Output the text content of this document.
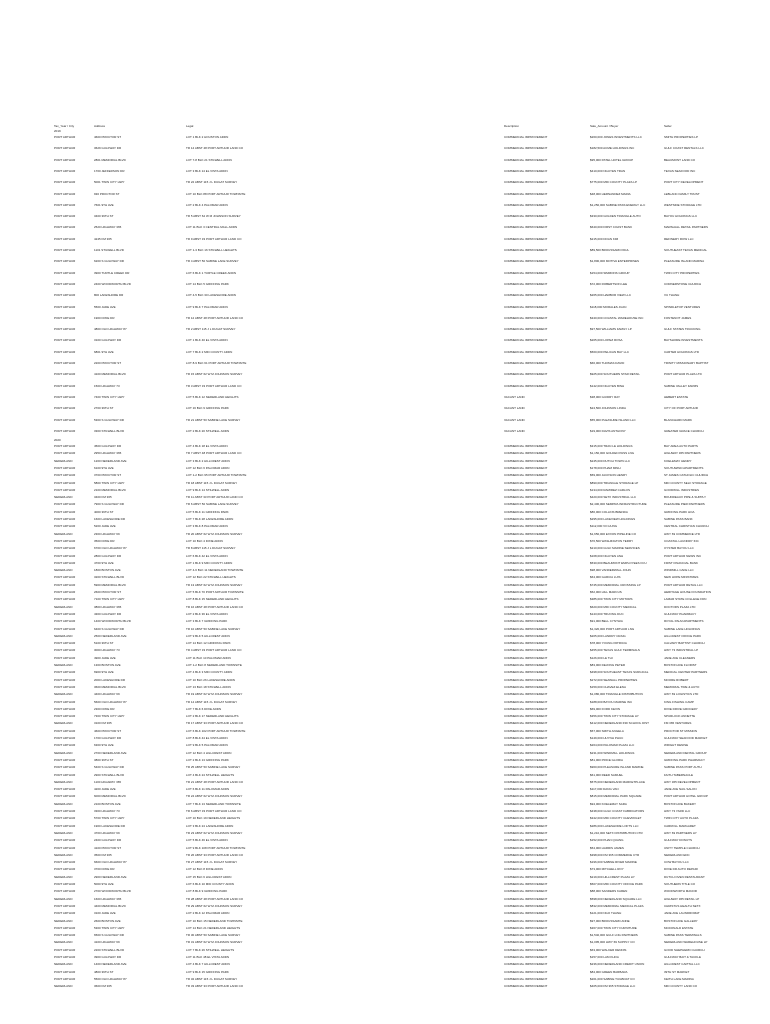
Tax_Year / City	Address	Legal	Description	Sale_Amount / Buyer	Seller
2019
PORT ARTHUR	4600 PROCTOR ST	LOT 1 BLK 2 HOUSTON ADDN	COMMERCIAL IMPROVEMENT	$260,000 JONES INVESTMENTS LLC	SMITH PROPERTIES LP
PORT ARTHUR	3629 GULFWAY DR	TR 14 ABST 48 PORT ARTHUR LAND CO	COMMERCIAL IMPROVEMENT	$182,500 ACME HOLDINGS INC	GULF COAST RENTALS LLC
PORT ARTHUR	2801 MEMORIAL BLVD	LOT 7-8 BLK 21 STILWELL ADDN	COMMERCIAL IMPROVEMENT	$95,000 PATEL HOTEL GROUP	BEAUMONT LAND CO
PORT ARTHUR	1700 JEFFERSON DR	LOT 3 BLK 14 EL VISTA ADDN	COMMERCIAL IMPROVEMENT	$410,000 NGUYEN TRAN	TEXAS SEAFOOD INC
PORT ARTHUR	5001 TWIN CITY HWY	TR 22 ABST 115 J L DUGAT SURVEY	COMMERCIAL IMPROVEMENT	$775,000 MID COUNTY PLAZA LP	PORT CITY DEVELOPMENT
PORT ARTHUR	930 PROCTOR ST	LOT 10 BLK 88 PORT ARTHUR TOWNSITE	COMMERCIAL IMPROVEMENT	$48,000 HERNANDEZ MARIA	LEBLANC FAMILY TRUST
PORT ARTHUR	7601 9TH AVE	LOT 2 BLK 4 PALOMAR ADDN	COMMERCIAL IMPROVEMENT	$1,250,000 SABINE PASS ENERGY LLC	WESTSIDE STORAGE LTD
PORT ARTHUR	3400 39TH ST	TR 5 ABST 62 W M JOHNSON SURVEY	COMMERCIAL IMPROVEMENT	$330,000 GOLDEN TRIANGLE AUTO	BAYOU HOLDINGS LLC
PORT ARTHUR	2520 HIGHWAY 365	LOT 11 BLK 3 CENTRAL MALL ADDN	COMMERCIAL IMPROVEMENT	$640,000 FIRST COAST BANK	MARSHALL RETAIL PARTNERS
PORT ARTHUR	4245 FM 365	TR 9 ABST 33 PORT ARTHUR LAND CO	COMMERCIAL IMPROVEMENT	$215,000 DOAN KIM	REFINERY ROW LLC
PORT ARTHUR	1101 STILWELL BLVD	LOT 1-3 BLK 16 STILWELL HEIGHTS	COMMERCIAL IMPROVEMENT	$89,500 BROUSSARD PAUL	SOUTHEAST TEXAS MEDICAL
PORT ARTHUR	6200 S GULFWAY DR	TR 4 ABST 50 SABINE LAKE SURVEY	COMMERCIAL IMPROVEMENT	$1,800,000 MOTIVA ENTERPRISES	PLEASURE ISLAND MARINA
PORT ARTHUR	3900 TURTLE CREEK DR	LOT 6 BLK 1 TURTLE CREEK ADDN	COMMERCIAL IMPROVEMENT	$154,000 SIMMONS GROUP	TWIN CITY PROPERTIES
PORT ARTHUR	2400 WOODWORTH BLVD	LOT 14 BLK 5 GRIFFING PARK	COMMERCIAL IMPROVEMENT	$72,000 ROBERTSON LEE	CORNERSTONE CHURCH
PORT ARTHUR	800 LAKESHORE DR	LOT 4-5 BLK 30 LAKESHORE ADDN	COMMERCIAL IMPROVEMENT	$265,000 HARBOR VIEW LLC	VU THANH
PORT ARTHUR	5500 JADE AVE	LOT 9 BLK 7 PALOMAR ADDN	COMMERCIAL IMPROVEMENT	$118,000 MORALES JUAN	SPINDLETOP VENTURES
PORT ARTHUR	1900 DIXIE DR	TR 12 ABST 48 PORT ARTHUR LAND CO	COMMERCIAL IMPROVEMENT	$340,000 COASTAL WAREHOUSE INC	FONTENOT JAMES
PORT ARTHUR	4800 OLD HIGHWAY 87	TR 2 ABST 115 J L DUGAT SURVEY	COMMERCIAL IMPROVEMENT	$97,500 WILLIAMS FAMILY LP	GULF STATES TRUCKING
PORT ARTHUR	3100 GULFWAY DR	LOT 1 BLK 40 EL VISTA ADDN	COMMERCIAL IMPROVEMENT	$205,000 LOPEZ ROSA	BAYSHORE INVESTMENTS
PORT ARTHUR	6801 9TH AVE	LOT 7 BLK 2 MID COUNTY ADDN	COMMERCIAL IMPROVEMENT	$560,000 PELICAN BAY LLC	CARTER HOLDINGS LTD
PORT ARTHUR	2200 PROCTOR ST	LOT 8-9 BLK 61 PORT ARTHUR TOWNSITE	COMMERCIAL IMPROVEMENT	$66,000 THOMAS DAVID	TRINITY MISSIONARY BAPTIST
PORT ARTHUR	4100 MEMORIAL BLVD	TR 15 ABST 62 W M JOHNSON SURVEY	COMMERCIAL IMPROVEMENT	$925,000 SOUTHERN STAR RETAIL	PORT ARTHUR PLAZA LTD
PORT ARTHUR	1500 HIGHWAY 73	TR 3 ABST 33 PORT ARTHUR LAND CO	COMMERCIAL IMPROVEMENT	$142,000 NGUYEN BINH	SABINE VALLEY FARMS
PORT ARTHUR	7400 TWIN CITY HWY	LOT 5 BLK 12 NEDERLAND HEIGHTS	VACANT LAND	$38,000 GUIDRY RAY	HEBERT ESTATE
PORT ARTHUR	2700 39TH ST	LOT 16 BLK 9 GRIFFING PARK	VACANT LAND	$24,500 JOHNSON LINDA	CITY OF PORT ARTHUR
PORT ARTHUR	5300 S GULFWAY DR	TR 21 ABST 50 SABINE LAKE SURVEY	VACANT LAND	$55,000 PLEASURE ISLAND LLC	BLANCHARD MARK
PORT ARTHUR	3300 STILWELL BLVD	LOT 2 BLK 20 STILWELL ADDN	VACANT LAND	$19,000 DAVIS ANTHONY	GREATER GRACE CHURCH
2020
PORT ARTHUR	4500 GULFWAY DR	LOT 4 BLK 18 EL VISTA ADDN	COMMERCIAL IMPROVEMENT	$315,000 TRAN LE HOLDINGS	BAY AREA AUTO PARTS
PORT ARTHUR	2950 HIGHWAY 365	TR 7 ABST 48 PORT ARTHUR LAND CO	COMMERCIAL IMPROVEMENT	$1,150,000 GOLDEN PASS LNG	HIGHWAY 365 PARTNERS
NEDERLAND	1200 NEDERLAND AVE	LOT 3 BLK 2 HILLCREST ADDN	COMMERCIAL IMPROVEMENT	$245,000 DUTCH TOWN LLC	KOELEMAY HENRY
PORT ARTHUR	6100 9TH AVE	LOT 12 BLK 6 PALOMAR ADDN	COMMERCIAL IMPROVEMENT	$178,000 PHAM MINH	SOUTHWIND APARTMENTS
PORT ARTHUR	3700 PROCTOR ST	LOT 1-2 BLK 95 PORT ARTHUR TOWNSITE	COMMERCIAL IMPROVEMENT	$59,000 JACKSON HENRY	ST JAMES CATHOLIC CHURCH
PORT ARTHUR	5800 TWIN CITY HWY	TR 18 ABST 115 J L DUGAT SURVEY	COMMERCIAL IMPROVEMENT	$890,000 TRIANGLE STORAGE LP	MID COUNTY SELF STORAGE
PORT ARTHUR	2100 MEMORIAL BLVD	LOT 9 BLK 14 STILWELL ADDN	COMMERCIAL IMPROVEMENT	$134,000 RAMIREZ CARLOS	GOODWILL INDUSTRIES
NEDERLAND	3400 FM 365	TR 11 ABST 33 PORT ARTHUR LAND CO	COMMERCIAL IMPROVEMENT	$420,000 SETX INDUSTRIAL LLC	BOUDREAUX PIPE & SUPPLY
PORT ARTHUR	7900 S GULFWAY DR	TR 6 ABST 50 SABINE LAKE SURVEY	COMMERCIAL IMPROVEMENT	$2,400,000 SEMPRA INFRASTRUCTURE	PLEASURE PIER PARTNERS
PORT ARTHUR	4000 39TH ST	LOT 5 BLK 11 GRIFFING PARK	COMMERCIAL IMPROVEMENT	$86,000 COLLINS BRENDA	GRIFFING PARK HOA
PORT ARTHUR	1600 LAKESHORE DR	LOT 7 BLK 28 LAKESHORE ADDN	COMMERCIAL IMPROVEMENT	$295,000 LAKEVIEW HOLDINGS	SABINE PASS BANK
PORT ARTHUR	5200 JADE AVE	LOT 3 BLK 8 PALOMAR ADDN	COMMERCIAL IMPROVEMENT	$112,000 VO HUNG	CENTRAL CHRISTIAN CHURCH
NEDERLAND	2300 HIGHWAY 69	TR 20 ABST 62 W M JOHNSON SURVEY	COMMERCIAL IMPROVEMENT	$1,650,000 EXXON PIPELINE CO	HWY 69 COMMERCE LTD
PORT ARTHUR	3500 DIXIE DR	LOT 10 BLK 4 DIXIE ADDN	COMMERCIAL IMPROVEMENT	$76,500 WASHINGTON TERRY	COASTAL LAUNDRY INC
PORT ARTHUR	6700 OLD HIGHWAY 87	TR 8 ABST 115 J L DUGAT SURVEY	COMMERCIAL IMPROVEMENT	$210,000 GULF MARINE SERVICES	OYSTER BAYOU LLC
PORT ARTHUR	2800 GULFWAY DR	LOT 6 BLK 42 EL VISTA ADDN	COMMERCIAL IMPROVEMENT	$168,000 NGUYEN ANH	PORT ARTHUR NEWS INC
PORT ARTHUR	4700 9TH AVE	LOT 1 BLK 9 MID COUNTY ADDN	COMMERCIAL IMPROVEMENT	$530,000 BEAUMONT EMPLOYEES FCU	FIRST FINANCIAL BANK
NEDERLAND	1800 BOSTON AVE	LOT 4-6 BLK 11 NEDERLAND TOWNSITE	COMMERCIAL IMPROVEMENT	$98,000 VANDERWALL JOHN	WINDMILL CAFE LLC
PORT ARTHUR	3200 STILWELL BLVD	LOT 12 BLK 22 STILWELL HEIGHTS	COMMERCIAL IMPROVEMENT	$64,000 GARCIA LUIS	NEW HOPE MINISTRIES
PORT ARTHUR	5900 MEMORIAL BLVD	TR 13 ABST 62 W M JOHNSON SURVEY	COMMERCIAL IMPROVEMENT	$745,000 MEMORIAL CROSSING LP	PORT ARTHUR RETAIL LLC
PORT ARTHUR	2600 PROCTOR ST	LOT 5 BLK 70 PORT ARTHUR TOWNSITE	COMMERCIAL IMPROVEMENT	$52,000 HILL MARCUS	HERITAGE HOUSE FOUNDATION
PORT ARTHUR	7100 TWIN CITY HWY	LOT 8 BLK 15 NEDERLAND HEIGHTS	COMMERCIAL IMPROVEMENT	$385,000 TWIN CITY MOTORS	LAMAR STATE COLLEGE FDN
NEDERLAND	3800 HIGHWAY 365	TR 16 ABST 48 PORT ARTHUR LAND CO	COMMERCIAL IMPROVEMENT	$620,000 MID COUNTY MEDICAL	DOCTORS PLAZA LTD
PORT ARTHUR	4300 GULFWAY DR	LOT 2 BLK 36 EL VISTA ADDN	COMMERCIAL IMPROVEMENT	$143,000 TRUONG DUC	GULFWAY PHARMACY
PORT ARTHUR	1400 WOODWORTH BLVD	LOT 3 BLK 7 GRIFFING PARK	COMMERCIAL IMPROVEMENT	$91,000 BELL CYNTHIA	ROYAL PALM APARTMENTS
PORT ARTHUR	6400 S GULFWAY DR	TR 10 ABST 50 SABINE LAKE SURVEY	COMMERCIAL IMPROVEMENT	$1,320,000 PORT ARTHUR LNG	SABINE LAKE HOLDINGS
NEDERLAND	2500 NEDERLAND AVE	LOT 9 BLK 5 HILLCREST ADDN	COMMERCIAL IMPROVEMENT	$205,000 LANDRY CRAIG	HILLCREST OFFICE PARK
PORT ARTHUR	5100 39TH ST	LOT 14 BLK 12 GRIFFING PARK	COMMERCIAL IMPROVEMENT	$78,000 YOUNG PATRICIA	CALVARY BAPTIST CHURCH
PORT ARTHUR	3000 HIGHWAY 73	TR 4 ABST 33 PORT ARTHUR LAND CO	COMMERCIAL IMPROVEMENT	$455,000 TEXAS GULF TERMINALS	HWY 73 INDUSTRIAL LP
PORT ARTHUR	4900 JADE AVE	LOT 11 BLK 10 PALOMAR ADDN	COMMERCIAL IMPROVEMENT	$126,000 LE THI	JADE AVE CLEANERS
NEDERLAND	1300 BOSTON AVE	LOT 1-2 BLK 8 NEDERLAND TOWNSITE	COMMERCIAL IMPROVEMENT	$83,000 DEJONG PETER	BOSTON AVE FLORIST
PORT ARTHUR	6900 9TH AVE	LOT 4 BLK 3 MID COUNTY ADDN	COMMERCIAL IMPROVEMENT	$498,000 SOUTHEAST TEXAS SURGICAL	MEDICAL CENTER PARTNERS
PORT ARTHUR	2000 LAKESHORE DR	LOT 10 BLK 26 LAKESHORE ADDN	COMMERCIAL IMPROVEMENT	$272,000 SEAWALL PROPERTIES	MOORE ROBERT
PORT ARTHUR	3600 MEMORIAL BLVD	LOT 13 BLK 18 STILWELL ADDN	COMMERCIAL IMPROVEMENT	$159,000 CHAVEZ ELENA	MEMORIAL TIRE & AUTO
NEDERLAND	4400 HIGHWAY 69	TR 19 ABST 62 W M JOHNSON SURVEY	COMMERCIAL IMPROVEMENT	$1,080,000 TRIANGLE DISTRIBUTION	HWY 69 LOGISTICS LTD
PORT ARTHUR	5600 OLD HIGHWAY 87	TR 14 ABST 115 J L DUGAT SURVEY	COMMERCIAL IMPROVEMENT	$188,000 BAYOU MARINE INC	KING FISHING CAMP
PORT ARTHUR	2300 DIXIE DR	LOT 7 BLK 6 DIXIE ADDN	COMMERCIAL IMPROVEMENT	$69,000 FORD KEVIN	DIXIE DRIVE GROCERY
PORT ARTHUR	7300 TWIN CITY HWY	LOT 2 BLK 17 NEDERLAND HEIGHTS	COMMERCIAL IMPROVEMENT	$356,000 TWIN CITY STORAGE LP	SPURLOCK ANNETTE
NEDERLAND	3100 FM 365	TR 17 ABST 33 PORT ARTHUR LAND CO	COMMERCIAL IMPROVEMENT	$412,000 NEDERLAND IND SCHOOL DIST	FM 365 VENTURES
PORT ARTHUR	4600 PROCTOR ST	LOT 6 BLK 102 PORT ARTHUR TOWNSITE	COMMERCIAL IMPROVEMENT	$57,000 SMITH ANGELA	PROCTOR ST MISSION
PORT ARTHUR	1700 GULFWAY DR	LOT 8 BLK 44 EL VISTA ADDN	COMMERCIAL IMPROVEMENT	$149,000 HUYNH PHUC	GULFWAY SEAFOOD MARKET
PORT ARTHUR	6300 9TH AVE	LOT 9 BLK 5 PALOMAR ADDN	COMMERCIAL IMPROVEMENT	$264,000 PALOMAR PLAZA LLC	WRIGHT DENISE
NEDERLAND	2700 NEDERLAND AVE	LOT 12 BLK 4 HILLCREST ADDN	COMMERCIAL IMPROVEMENT	$231,000 WINDMILL HOLDINGS	NEDERLAND DENTAL GROUP
PORT ARTHUR	3800 39TH ST	LOT 2 BLK 13 GRIFFING PARK	COMMERCIAL IMPROVEMENT	$81,000 PRICE GLORIA	GRIFFING PARK PHARMACY
PORT ARTHUR	5400 S GULFWAY DR	TR 25 ABST 50 SABINE LAKE SURVEY	COMMERCIAL IMPROVEMENT	$960,000 PLEASURE ISLAND MARINE	SABINE PASS PORT AUTH
PORT ARTHUR	2900 STILWELL BLVD	LOT 4 BLK 24 STILWELL HEIGHTS	COMMERCIAL IMPROVEMENT	$61,000 REED SAMUEL	FAITH TABERNACLE
NEDERLAND	1100 HIGHWAY 365	TR 21 ABST 48 PORT ARTHUR LAND CO	COMMERCIAL IMPROVEMENT	$575,000 NEDERLAND MARKETPLACE	HWY 365 DEVELOPMENT
PORT ARTHUR	4200 JADE AVE	LOT 6 BLK 11 PALOMAR ADDN	COMMERCIAL IMPROVEMENT	$117,000 DANG VAN	JADE AVE NAIL SALON
PORT ARTHUR	6000 MEMORIAL BLVD	TR 24 ABST 62 W M JOHNSON SURVEY	COMMERCIAL IMPROVEMENT	$815,000 MEMORIAL PARK SQUARE	PORT ARTHUR HOTEL GROUP
NEDERLAND	2100 BOSTON AVE	LOT 7 BLK 13 NEDERLAND TOWNSITE	COMMERCIAL IMPROVEMENT	$94,000 KOELEMAY SARA	BOSTON AVE BAKERY
PORT ARTHUR	3300 HIGHWAY 73	TR 6 ABST 33 PORT ARTHUR LAND CO	COMMERCIAL IMPROVEMENT	$438,000 GULF COAST FABRICATORS	HWY 73 YARD LLC
PORT ARTHUR	5700 TWIN CITY HWY	LOT 10 BLK 19 NEDERLAND HEIGHTS	COMMERCIAL IMPROVEMENT	$342,000 MID COUNTY CHEVROLET	TWIN CITY AUTO PLAZA
PORT ARTHUR	1900 LAKESHORE DR	LOT 3 BLK 24 LAKESHORE ADDN	COMMERCIAL IMPROVEMENT	$286,000 LAKESHORE LOFTS LLC	CARROLL MARGARET
NEDERLAND	4700 HIGHWAY 69	TR 23 ABST 62 W M JOHNSON SURVEY	COMMERCIAL IMPROVEMENT	$1,210,000 SETX DISTRIBUTION CTR	HWY 69 PARTNERS LP
PORT ARTHUR	2400 GULFWAY DR	LOT 5 BLK 46 EL VISTA ADDN	COMMERCIAL IMPROVEMENT	$152,000 PHAN QUANG	GULFWAY DONUTS
PORT ARTHUR	4100 PROCTOR ST	LOT 9 BLK 108 PORT ARTHUR TOWNSITE	COMMERCIAL IMPROVEMENT	$54,000 HARRIS JAMES	UNITY TEMPLE CHURCH
NEDERLAND	3500 FM 365	TR 26 ABST 33 PORT ARTHUR LAND CO	COMMERCIAL IMPROVEMENT	$398,000 FM 365 COMMERCE CTR	NEDERLAND EDC
PORT ARTHUR	6600 OLD HIGHWAY 87	TR 27 ABST 115 J L DUGAT SURVEY	COMMERCIAL IMPROVEMENT	$196,000 SABINE RIVER MARINE	COW BAYOU LLC
PORT ARTHUR	3700 DIXIE DR	LOT 12 BLK 8 DIXIE ADDN	COMMERCIAL IMPROVEMENT	$73,000 MITCHELL ROY	DIXIE DR AUTO REPAIR
NEDERLAND	2900 NEDERLAND AVE	LOT 15 BLK 6 HILLCREST ADDN	COMMERCIAL IMPROVEMENT	$219,000 HILLCREST PLAZA LP	DUTCH OVEN RESTAURANT
PORT ARTHUR	5000 9TH AVE	LOT 6 BLK 10 MID COUNTY ADDN	COMMERCIAL IMPROVEMENT	$507,000 MID COUNTY OFFICE PARK	SOUTHERN TITLE CO
PORT ARTHUR	2700 WOODWORTH BLVD	LOT 8 BLK 9 GRIFFING PARK	COMMERCIAL IMPROVEMENT	$88,000 SANDERS KAREN	WOODWORTH MANOR
NEDERLAND	1600 HIGHWAY 365	TR 28 ABST 48 PORT ARTHUR LAND CO	COMMERCIAL IMPROVEMENT	$598,000 NEDERLAND SQUARE LLC	HIGHWAY 365 RETAIL LP
PORT ARTHUR	4400 MEMORIAL BLVD	TR 29 ABST 62 W M JOHNSON SURVEY	COMMERCIAL IMPROVEMENT	$832,000 MEMORIAL MEDICAL PLAZA	CHRISTUS HEALTH SETX
PORT ARTHUR	3100 JADE AVE	LOT 2 BLK 12 PALOMAR ADDN	COMMERCIAL IMPROVEMENT	$121,000 NGO THANH	JADE AVE LAUNDROMAT
NEDERLAND	2600 BOSTON AVE	LOT 10 BLK 15 NEDERLAND TOWNSITE	COMMERCIAL IMPROVEMENT	$97,000 BROUSSARD ANNE	BOSTON AVE GALLERY
PORT ARTHUR	5300 TWIN CITY HWY	LOT 14 BLK 21 NEDERLAND HEIGHTS	COMMERCIAL IMPROVEMENT	$367,000 TWIN CITY FURNITURE	MCDONALD ESTATE
PORT ARTHUR	6500 S GULFWAY DR	TR 30 ABST 50 SABINE LAKE SURVEY	COMMERCIAL IMPROVEMENT	$1,540,000 GULF LNG PARTNERS	SABINE PASS TERMINALS
NEDERLAND	4100 HIGHWAY 69	TR 31 ABST 62 W M JOHNSON SURVEY	COMMERCIAL IMPROVEMENT	$1,095,000 HWY 69 SUPPLY CO	NEDERLAND WAREHOUSE LP
PORT ARTHUR	2200 STILWELL BLVD	LOT 7 BLK 26 STILWELL HEIGHTS	COMMERCIAL IMPROVEMENT	$63,000 WALKER DENNIS	GOOD SHEPHERD CHURCH
PORT ARTHUR	3900 GULFWAY DR	LOT 11 BLK 48 EL VISTA ADDN	COMMERCIAL IMPROVEMENT	$157,000 LAM KHOA	GULFWAY BAIT & TACKLE
NEDERLAND	1400 NEDERLAND AVE	LOT 4 BLK 7 HILLCREST ADDN	COMMERCIAL IMPROVEMENT	$236,000 NEDERLAND CREDIT UNION	HILLCREST CAPITAL LLC
PORT ARTHUR	4800 39TH ST	LOT 9 BLK 15 GRIFFING PARK	COMMERCIAL IMPROVEMENT	$84,000 GREEN BARBARA	39TH ST MARKET
PORT ARTHUR	5500 OLD HIGHWAY 87	TR 32 ABST 115 J L DUGAT SURVEY	COMMERCIAL IMPROVEMENT	$201,000 SABINE TUGBOAT CO	KEITH LAKE MARINA
NEDERLAND	3600 FM 365	TR 33 ABST 33 PORT ARTHUR LAND CO	COMMERCIAL IMPROVEMENT	$405,000 FM 365 STORAGE LLC	MID COUNTY LAND CO
